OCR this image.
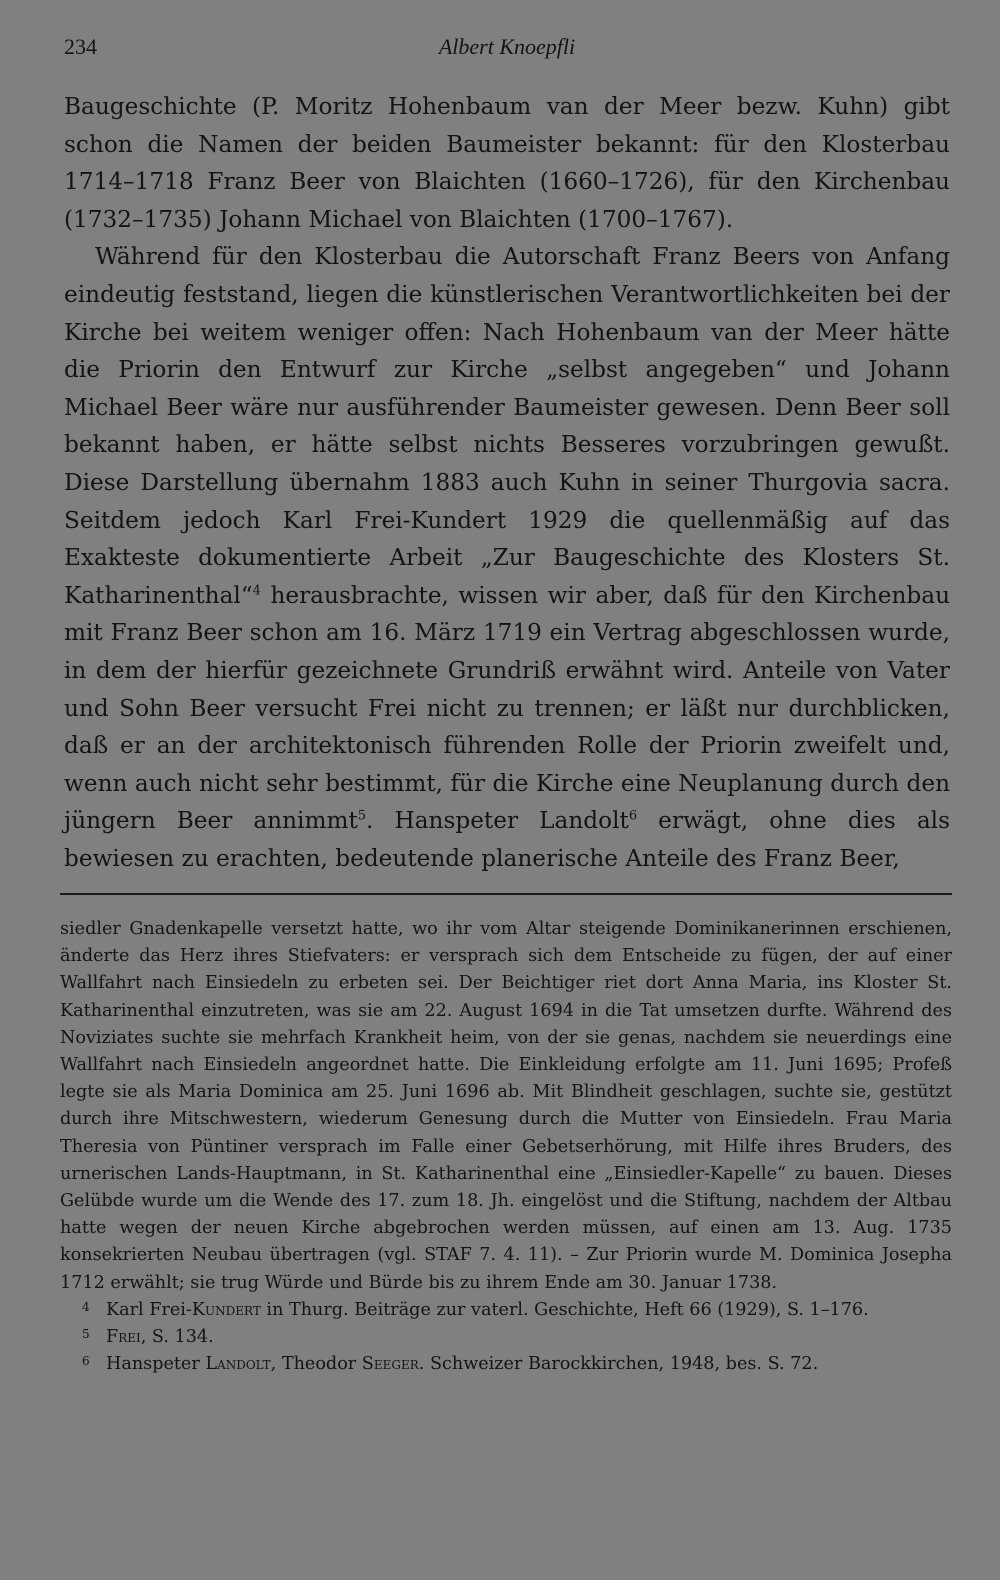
234	Albert Knoepfli

Baugeschichte (P. Moritz Hohenbaum van der Meer bezw. Kuhn) gibt schon die Namen der beiden Baumeister bekannt: für den Klosterbau 1714–1718 Franz Beer von Blaichten (1660–1726), für den Kirchenbau (1732–1735) Johann Michael von Blaichten (1700–1767).

Während für den Klosterbau die Autorschaft Franz Beers von Anfang eindeutig feststand, liegen die künstlerischen Verantwortlichkeiten bei der Kirche bei weitem weniger offen: Nach Hohenbaum van der Meer hätte die Priorin den Entwurf zur Kirche „selbst angegeben“ und Johann Michael Beer wäre nur ausführender Baumeister gewesen. Denn Beer soll bekannt haben, er hätte selbst nichts Besseres vorzubringen gewußt. Diese Darstellung übernahm 1883 auch Kuhn in seiner Thurgovia sacra. Seitdem jedoch Karl Frei-Kundert 1929 die quellenmäßig auf das Exakteste dokumentierte Arbeit „Zur Baugeschichte des Klosters St. Katharinenthal“$^4$ herausbrachte, wissen wir aber, daß für den Kirchenbau mit Franz Beer schon am 16. März 1719 ein Vertrag abgeschlossen wurde, in dem der hierfür gezeichnete Grundriß erwähnt wird. Anteile von Vater und Sohn Beer versucht Frei nicht zu trennen; er läßt nur durchblicken, daß er an der architektonisch führenden Rolle der Priorin zweifelt und, wenn auch nicht sehr bestimmt, für die Kirche eine Neuplanung durch den jüngern Beer annimmt$^5$. Hanspeter Landolt$^6$ erwägt, ohne dies als bewiesen zu erachten, bedeutende planerische Anteile des Franz Beer,

siedler Gnadenkapelle versetzt hatte, wo ihr vom Altar steigende Dominikanerinnen erschienen, änderte das Herz ihres Stiefvaters: er versprach sich dem Entscheide zu fügen, der auf einer Wallfahrt nach Einsiedeln zu erbeten sei. Der Beichtiger riet dort Anna Maria, ins Kloster St. Katharinenthal einzutreten, was sie am 22. August 1694 in die Tat umsetzen durfte. Während des Noviziates suchte sie mehrfach Krankheit heim, von der sie genas, nachdem sie neuerdings eine Wallfahrt nach Einsiedeln angeordnet hatte. Die Einkleidung erfolgte am 11. Juni 1695; Profeß legte sie als Maria Dominica am 25. Juni 1696 ab. Mit Blindheit geschlagen, suchte sie, gestützt durch ihre Mitschwestern, wiederum Genesung durch die Mutter von Einsiedeln. Frau Maria Theresia von Püntiner versprach im Falle einer Gebetserhörung, mit Hilfe ihres Bruders, des urnerischen Lands-Hauptmann, in St. Katharinenthal eine „Einsiedler-Kapelle“ zu bauen. Dieses Gelübde wurde um die Wende des 17. zum 18. Jh. eingelöst und die Stiftung, nachdem der Altbau hatte wegen der neuen Kirche abgebrochen werden müssen, auf einen am 13. Aug. 1735 konsekrierten Neubau übertragen (vgl. STAF 7. 4. 11). – Zur Priorin wurde M. Dominica Josepha 1712 erwählt; sie trug Würde und Bürde bis zu ihrem Ende am 30. Januar 1738.

4 Karl Frei-Kundert in Thurg. Beiträge zur vaterl. Geschichte, Heft 66 (1929), S. 1–176.

5 Frei, S. 134.

6 Hanspeter Landolt, Theodor Seeger. Schweizer Barockkirchen, 1948, bes. S. 72.
